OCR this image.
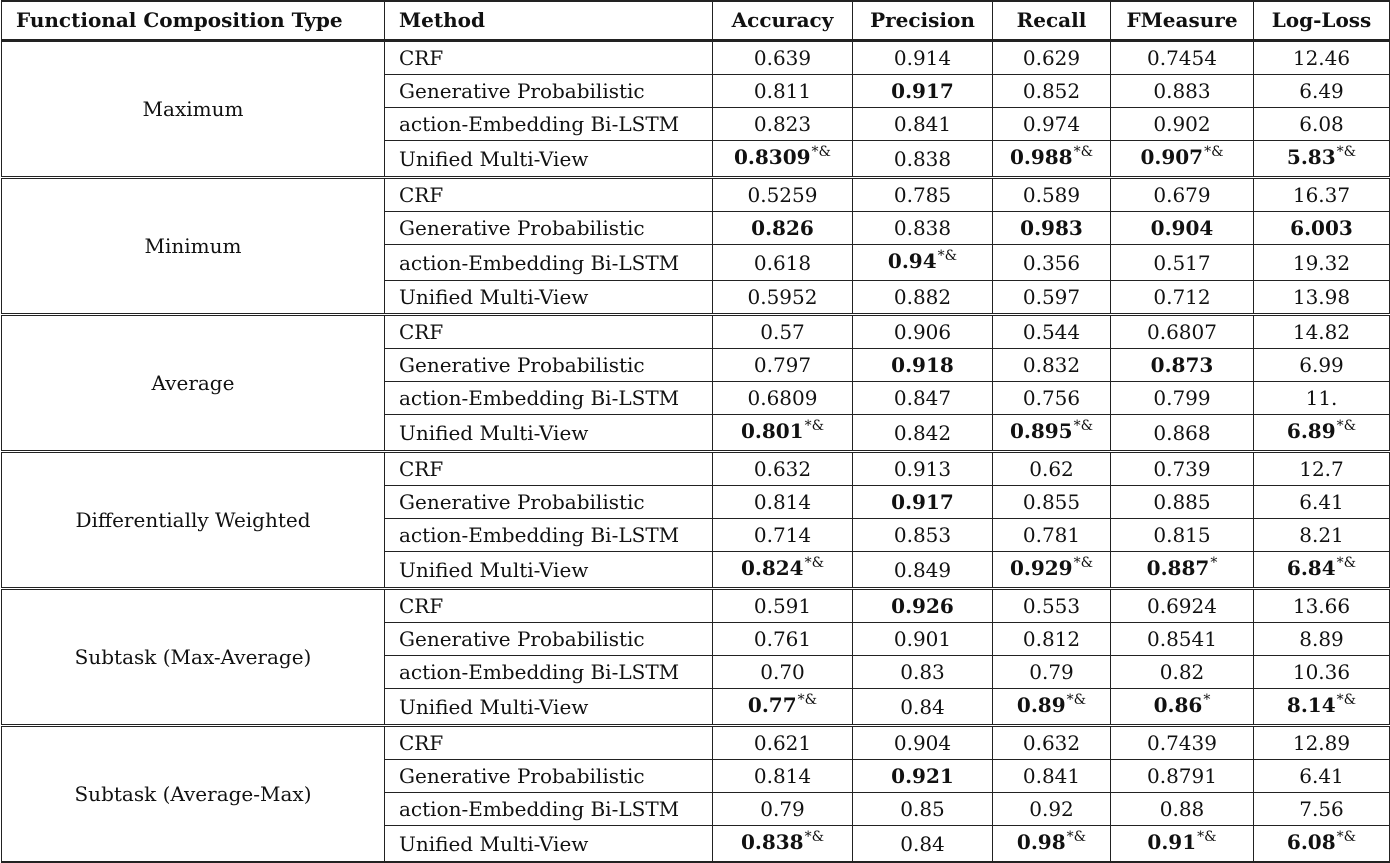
Functional Composition Type	Method	Accuracy	Precision	Recall	FMeasure	Log-Loss
Maximum	CRF	0.639	0.914	0.629	0.7454	12.46
	Generative Probabilistic	0.811	0.917	0.852	0.883	6.49
	action-Embedding Bi-LSTM	0.823	0.841	0.974	0.902	6.08
	Unified Multi-View	0.8309*&	0.838	0.988*&	0.907*&	5.83*&
Minimum	CRF	0.5259	0.785	0.589	0.679	16.37
	Generative Probabilistic	0.826	0.838	0.983	0.904	6.003
	action-Embedding Bi-LSTM	0.618	0.94*&	0.356	0.517	19.32
	Unified Multi-View	0.5952	0.882	0.597	0.712	13.98
Average	CRF	0.57	0.906	0.544	0.6807	14.82
	Generative Probabilistic	0.797	0.918	0.832	0.873	6.99
	action-Embedding Bi-LSTM	0.6809	0.847	0.756	0.799	11.
	Unified Multi-View	0.801*&	0.842	0.895*&	0.868	6.89*&
Differentially Weighted	CRF	0.632	0.913	0.62	0.739	12.7
	Generative Probabilistic	0.814	0.917	0.855	0.885	6.41
	action-Embedding Bi-LSTM	0.714	0.853	0.781	0.815	8.21
	Unified Multi-View	0.824*&	0.849	0.929*&	0.887*	6.84*&
Subtask (Max-Average)	CRF	0.591	0.926	0.553	0.6924	13.66
	Generative Probabilistic	0.761	0.901	0.812	0.8541	8.89
	action-Embedding Bi-LSTM	0.70	0.83	0.79	0.82	10.36
	Unified Multi-View	0.77*&	0.84	0.89*&	0.86*	8.14*&
Subtask (Average-Max)	CRF	0.621	0.904	0.632	0.7439	12.89
	Generative Probabilistic	0.814	0.921	0.841	0.8791	6.41
	action-Embedding Bi-LSTM	0.79	0.85	0.92	0.88	7.56
	Unified Multi-View	0.838*&	0.84	0.98*&	0.91*&	6.08*&
